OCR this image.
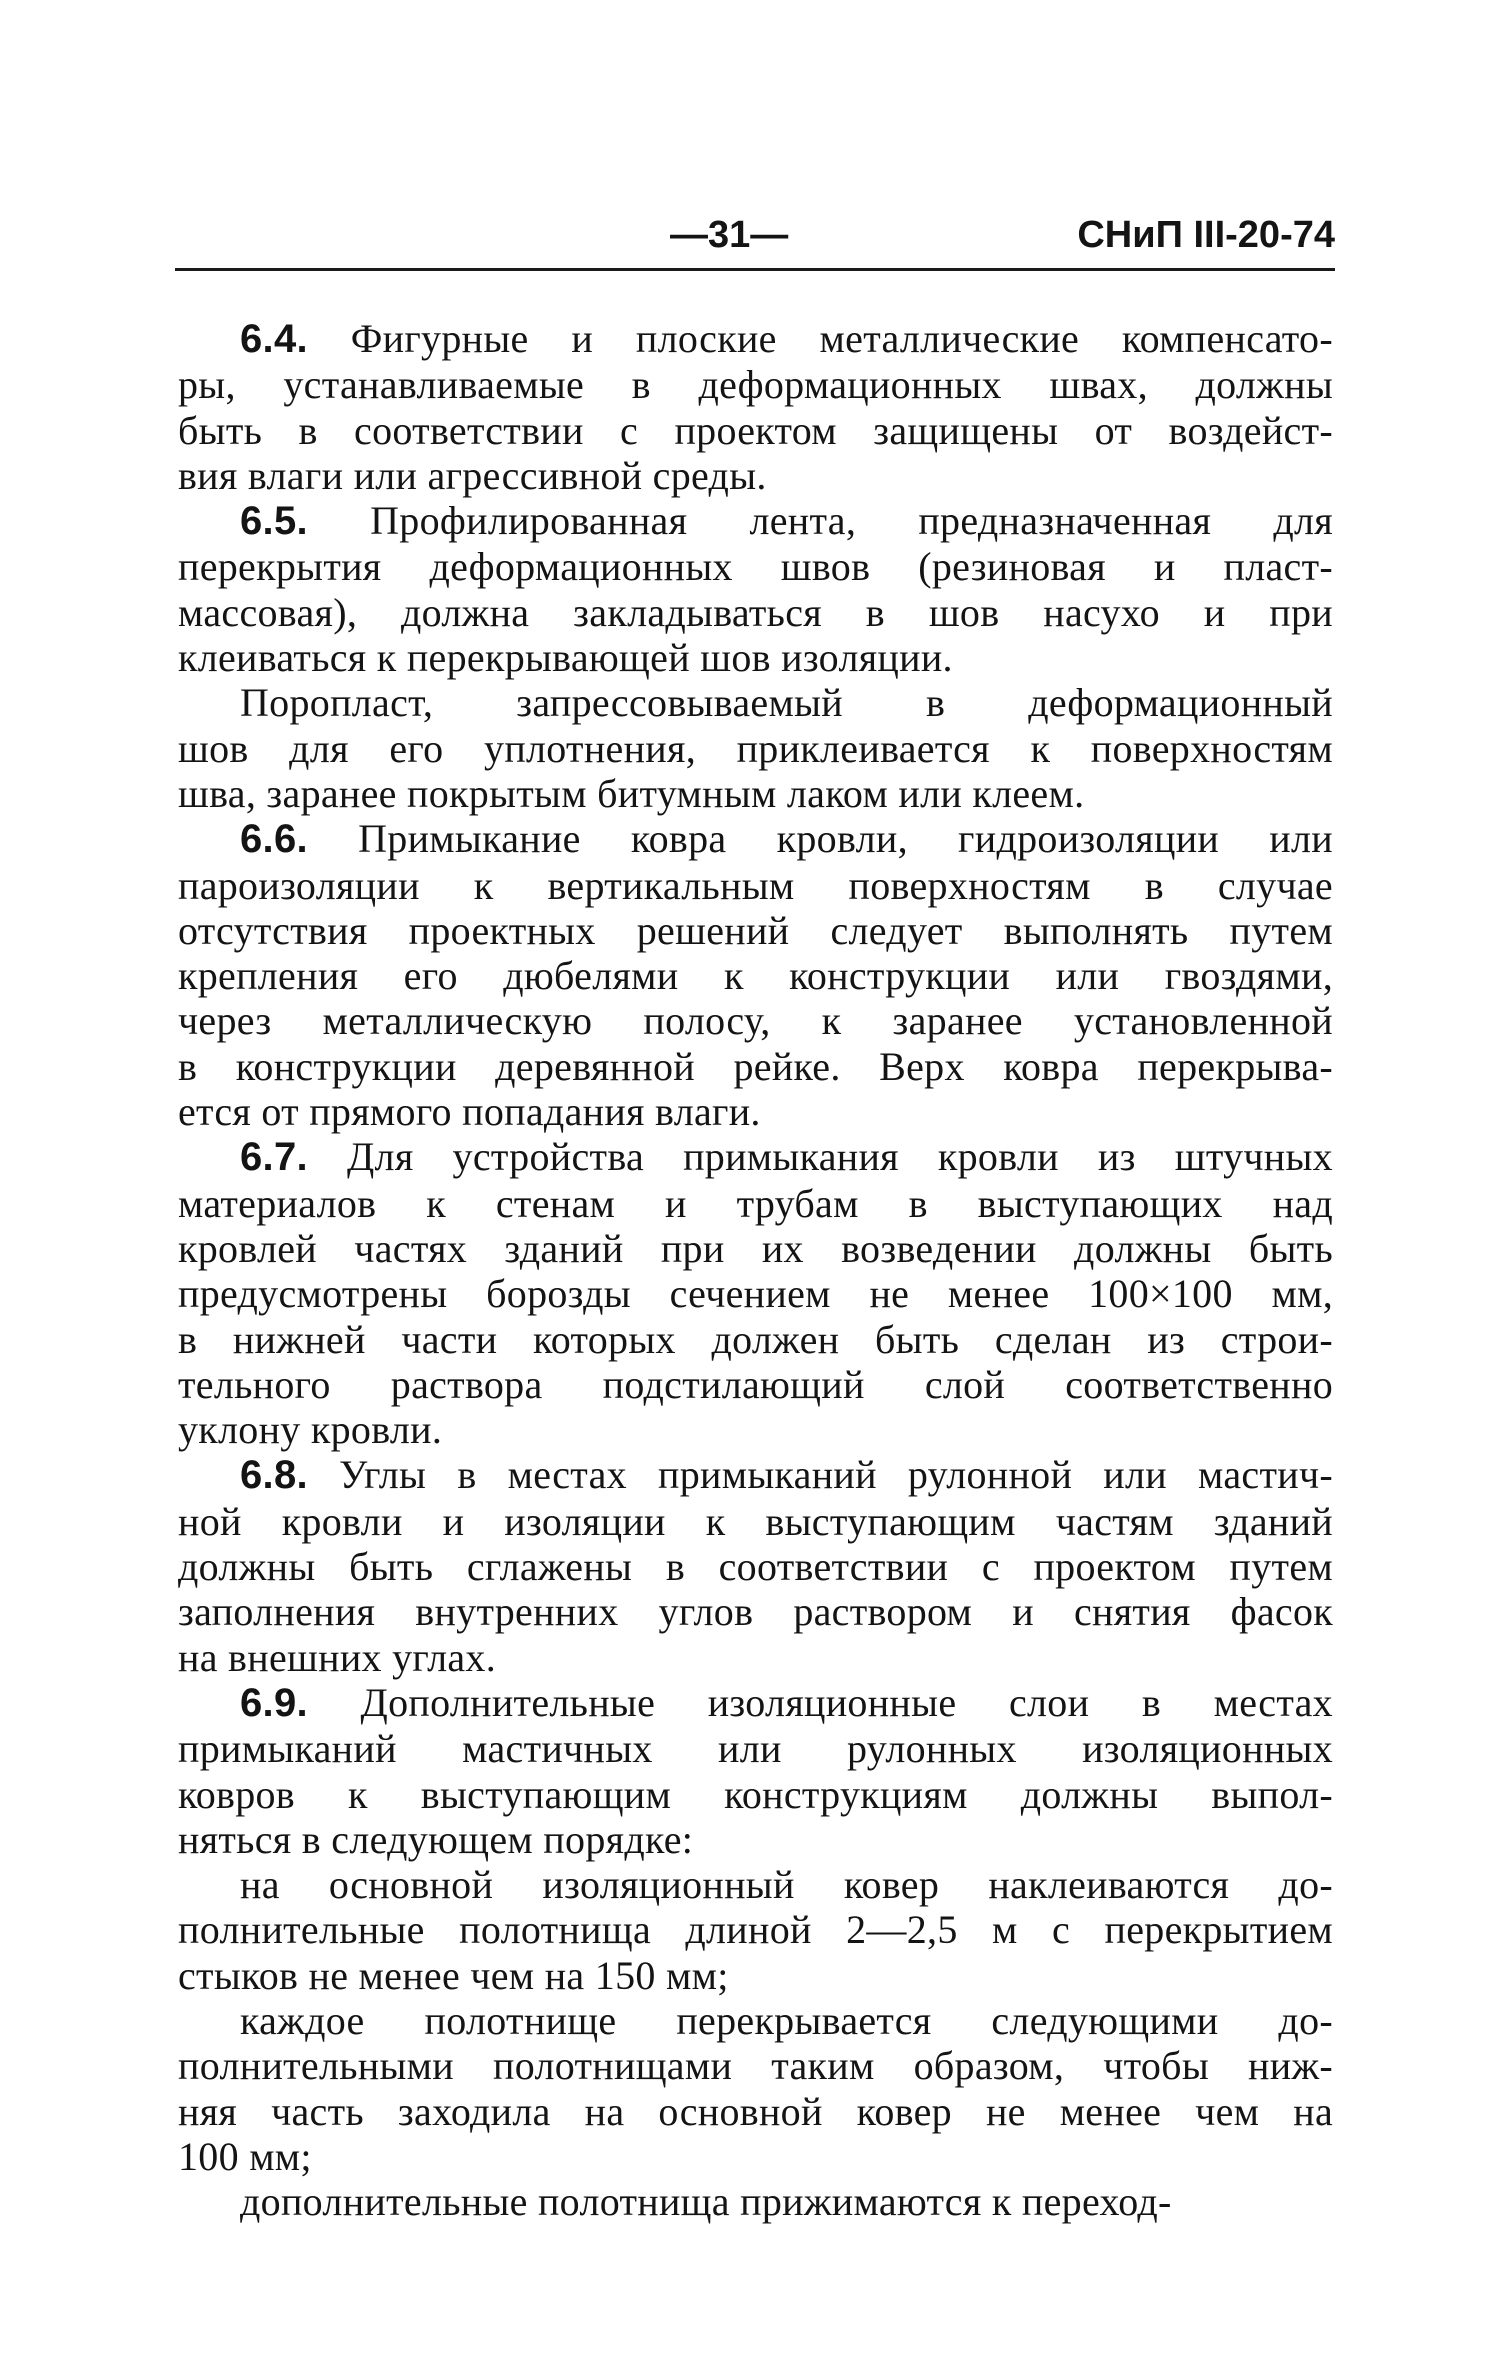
—31—	СНиП III-20-74
6.4. Фигурные и плоские металлические компенсато-
ры, устанавливаемые в деформационных швах, должны
быть в соответствии с проектом защищены от воздейст-
вия влаги или агрессивной среды.
6.5. Профилированная лента, предназначенная для
перекрытия деформационных швов (резиновая и пласт-
массовая), должна закладываться в шов насухо и при
клеиваться к перекрывающей шов изоляции.
Поропласт, запрессовываемый в деформационный
шов для его уплотнения, приклеивается к поверхностям
шва, заранее покрытым битумным лаком или клеем.
6.6. Примыкание ковра кровли, гидроизоляции или
пароизоляции к вертикальным поверхностям в случае
отсутствия проектных решений следует выполнять путем
крепления его дюбелями к конструкции или гвоздями,
через металлическую полосу, к заранее установленной
в конструкции деревянной рейке. Верх ковра перекрыва-
ется от прямого попадания влаги.
6.7. Для устройства примыкания кровли из штучных
материалов к стенам и трубам в выступающих над
кровлей частях зданий при их возведении должны быть
предусмотрены борозды сечением не менее 100×100 мм,
в нижней части которых должен быть сделан из строи-
тельного раствора подстилающий слой соответственно
уклону кровли.
6.8. Углы в местах примыканий рулонной или мастич-
ной кровли и изоляции к выступающим частям зданий
должны быть сглажены в соответствии с проектом путем
заполнения внутренних углов раствором и снятия фасок
на внешних углах.
6.9. Дополнительные изоляционные слои в местах
примыканий мастичных или рулонных изоляционных
ковров к выступающим конструкциям должны выпол-
няться в следующем порядке:
на основной изоляционный ковер наклеиваются до-
полнительные полотнища длиной 2—2,5 м с перекрытием
стыков не менее чем на 150 мм;
каждое полотнище перекрывается следующими до-
полнительными полотнищами таким образом, чтобы ниж-
няя часть заходила на основной ковер не менее чем на
100 мм;
дополнительные полотнища прижимаются к переход-
